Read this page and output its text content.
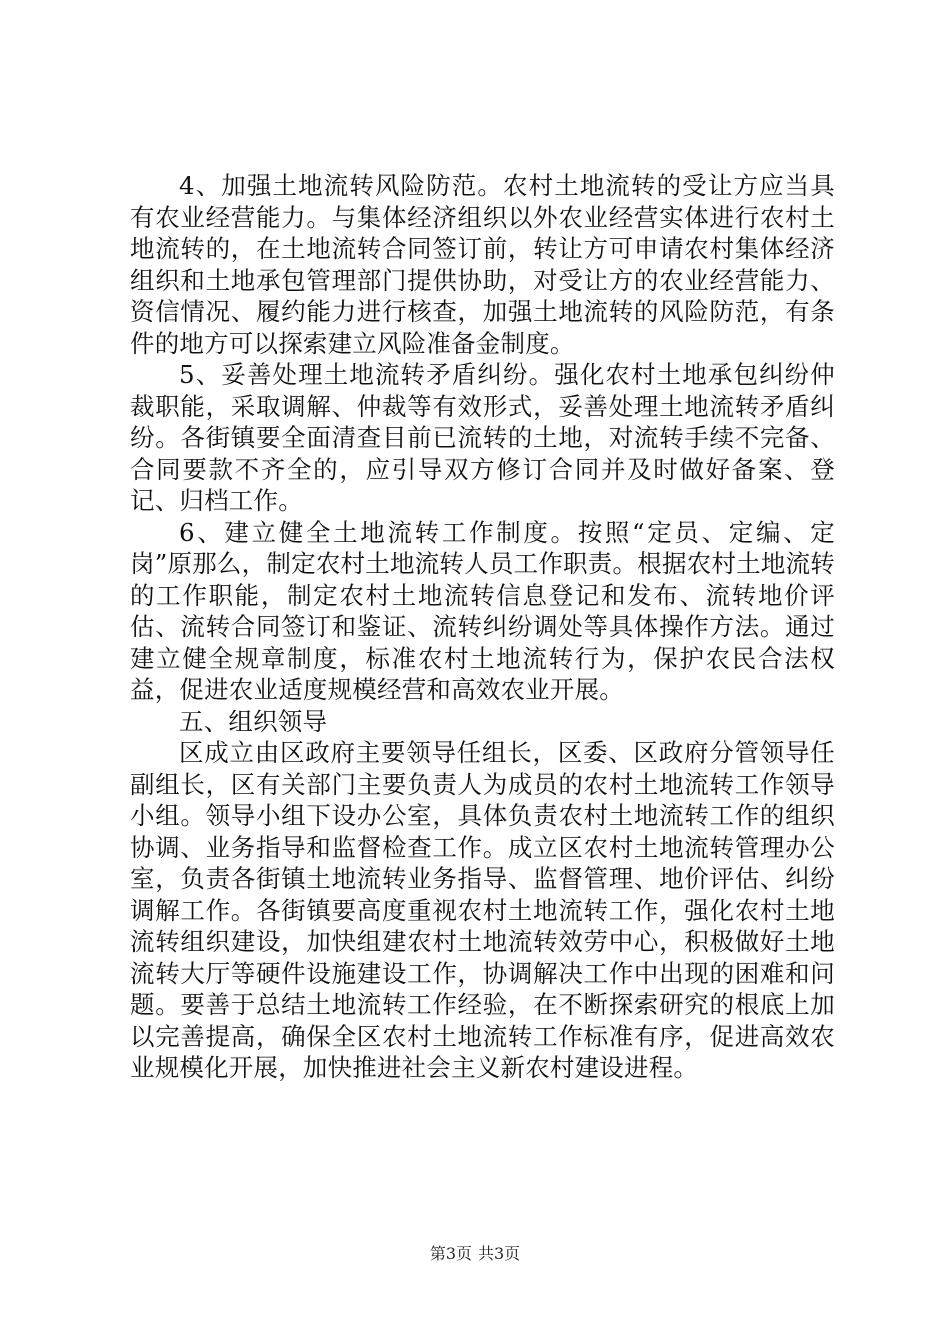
4、加强土地流转风险防范。农村土地流转的受让方应当具有农业经营能力。与集体经济组织以外农业经营实体进行农村土地流转的，在土地流转合同签订前，转让方可申请农村集体经济组织和土地承包管理部门提供协助，对受让方的农业经营能力、资信情况、履约能力进行核查，加强土地流转的风险防范，有条件的地方可以探索建立风险准备金制度。

5、妥善处理土地流转矛盾纠纷。强化农村土地承包纠纷仲裁职能，采取调解、仲裁等有效形式，妥善处理土地流转矛盾纠纷。各街镇要全面清查目前已流转的土地，对流转手续不完备、合同要款不齐全的，应引导双方修订合同并及时做好备案、登记、归档工作。

6、建立健全土地流转工作制度。按照“定员、定编、定岗”原那么，制定农村土地流转人员工作职责。根据农村土地流转的工作职能，制定农村土地流转信息登记和发布、流转地价评估、流转合同签订和鉴证、流转纠纷调处等具体操作方法。通过建立健全规章制度，标准农村土地流转行为，保护农民合法权益，促进农业适度规模经营和高效农业开展。

五、组织领导

区成立由区政府主要领导任组长，区委、区政府分管领导任副组长，区有关部门主要负责人为成员的农村土地流转工作领导小组。领导小组下设办公室，具体负责农村土地流转工作的组织协调、业务指导和监督检查工作。成立区农村土地流转管理办公室，负责各街镇土地流转业务指导、监督管理、地价评估、纠纷调解工作。各街镇要高度重视农村土地流转工作，强化农村土地流转组织建设，加快组建农村土地流转效劳中心，积极做好土地流转大厅等硬件设施建设工作，协调解决工作中出现的困难和问题。要善于总结土地流转工作经验，在不断探索研究的根底上加以完善提高，确保全区农村土地流转工作标准有序，促进高效农业规模化开展，加快推进社会主义新农村建设进程。

第3页 共3页
